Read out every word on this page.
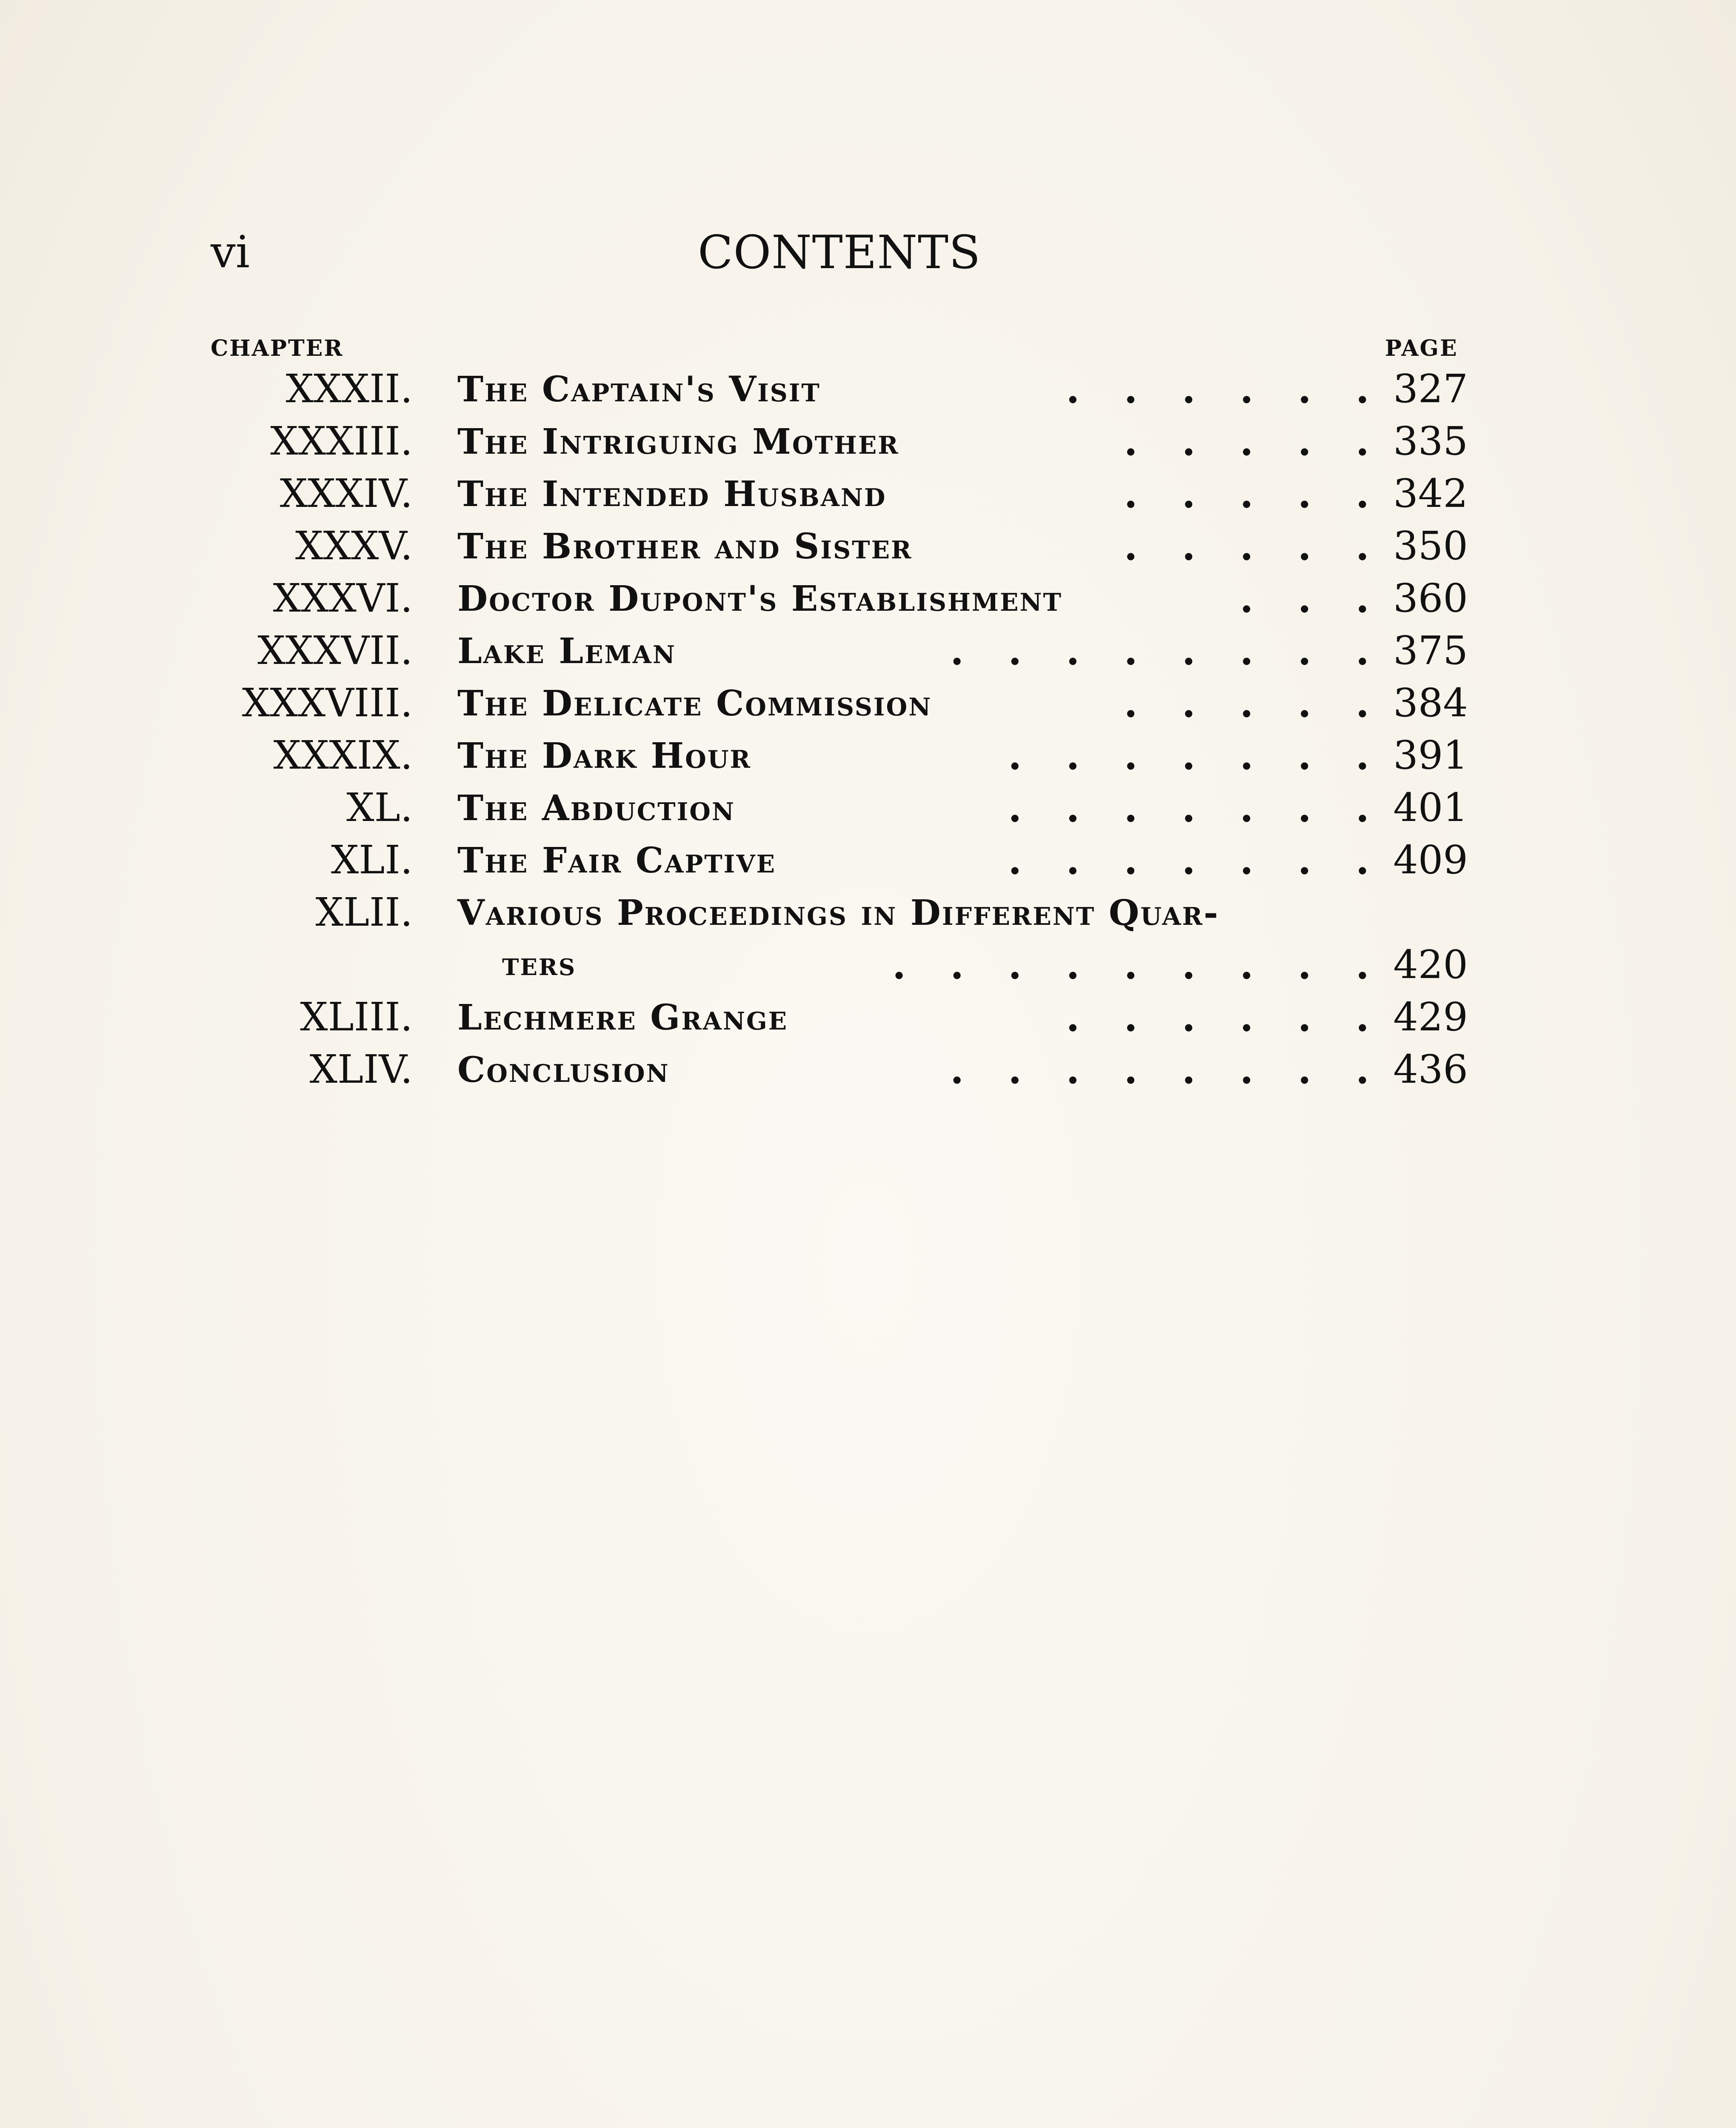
vi	CONTENTS
CHAPTER	PAGE
XXXII. The Captain's Visit	.   .   .   .   .   . 327
XXXIII. The Intriguing Mother	.   .   .   .   . 335
XXXIV. The Intended Husband	.   .   .   .   . 342
XXXV. The Brother and Sister	.   .   .   .   . 350
XXXVI. Doctor Dupont's Establishment	.   .   . 360
XXXVII. Lake Leman	.   .   .   .   .   .   .   . 375
XXXVIII. The Delicate Commission	.   .   .   .   . 384
XXXIX. The Dark Hour	.   .   .   .   .   .   . 391
XL. The Abduction	.   .   .   .   .   .   . 401
XLI. The Fair Captive	.   .   .   .   .   .   . 409
XLII. Various Proceedings in Different Quar-
ters	.   .   .   .   .   .   .   .   . 420
XLIII. Lechmere Grange	.   .   .   .   .   . 429
XLIV. Conclusion	.   .   .   .   .   .   .   . 436
